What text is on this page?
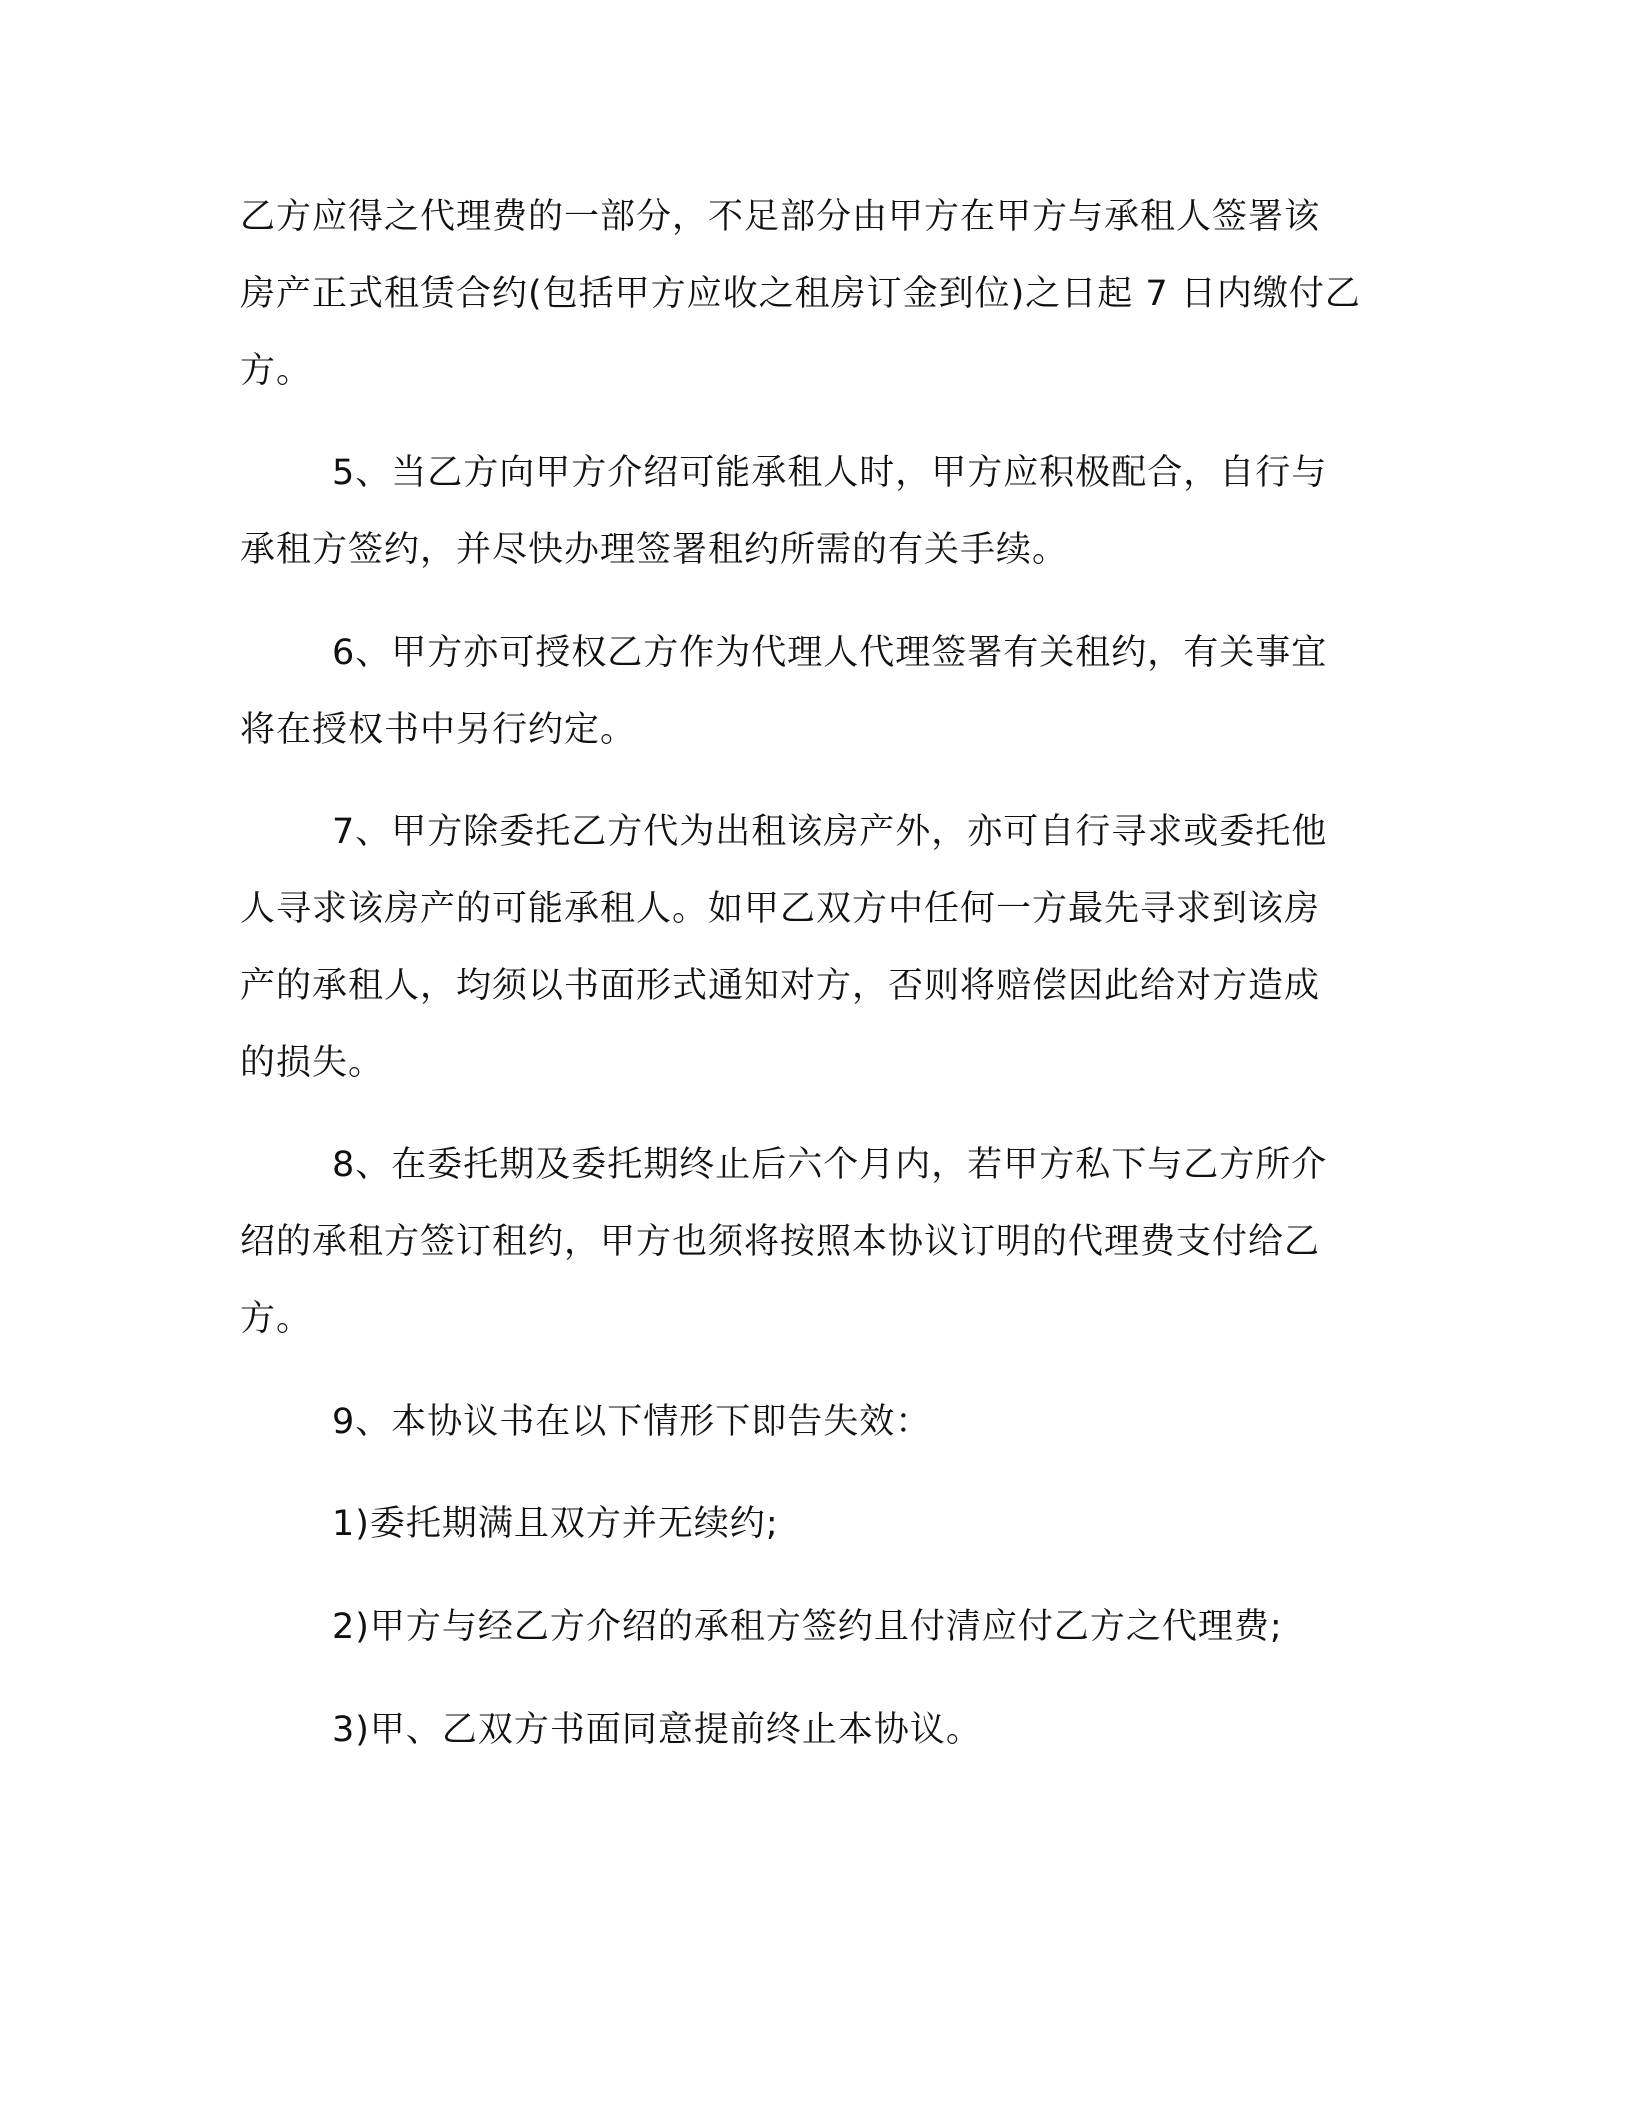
乙方应得之代理费的一部分，不足部分由甲方在甲方与承租人签署该
房产正式租赁合约(包括甲方应收之租房订金到位)之日起 7 日内缴付乙
方。
5、当乙方向甲方介绍可能承租人时，甲方应积极配合，自行与
承租方签约，并尽快办理签署租约所需的有关手续。
6、甲方亦可授权乙方作为代理人代理签署有关租约，有关事宜
将在授权书中另行约定。
7、甲方除委托乙方代为出租该房产外，亦可自行寻求或委托他
人寻求该房产的可能承租人。如甲乙双方中任何一方最先寻求到该房
产的承租人，均须以书面形式通知对方，否则将赔偿因此给对方造成
的损失。
8、在委托期及委托期终止后六个月内，若甲方私下与乙方所介
绍的承租方签订租约，甲方也须将按照本协议订明的代理费支付给乙
方。
9、本协议书在以下情形下即告失效：
1)委托期满且双方并无续约;
2)甲方与经乙方介绍的承租方签约且付清应付乙方之代理费;
3)甲、乙双方书面同意提前终止本协议。
